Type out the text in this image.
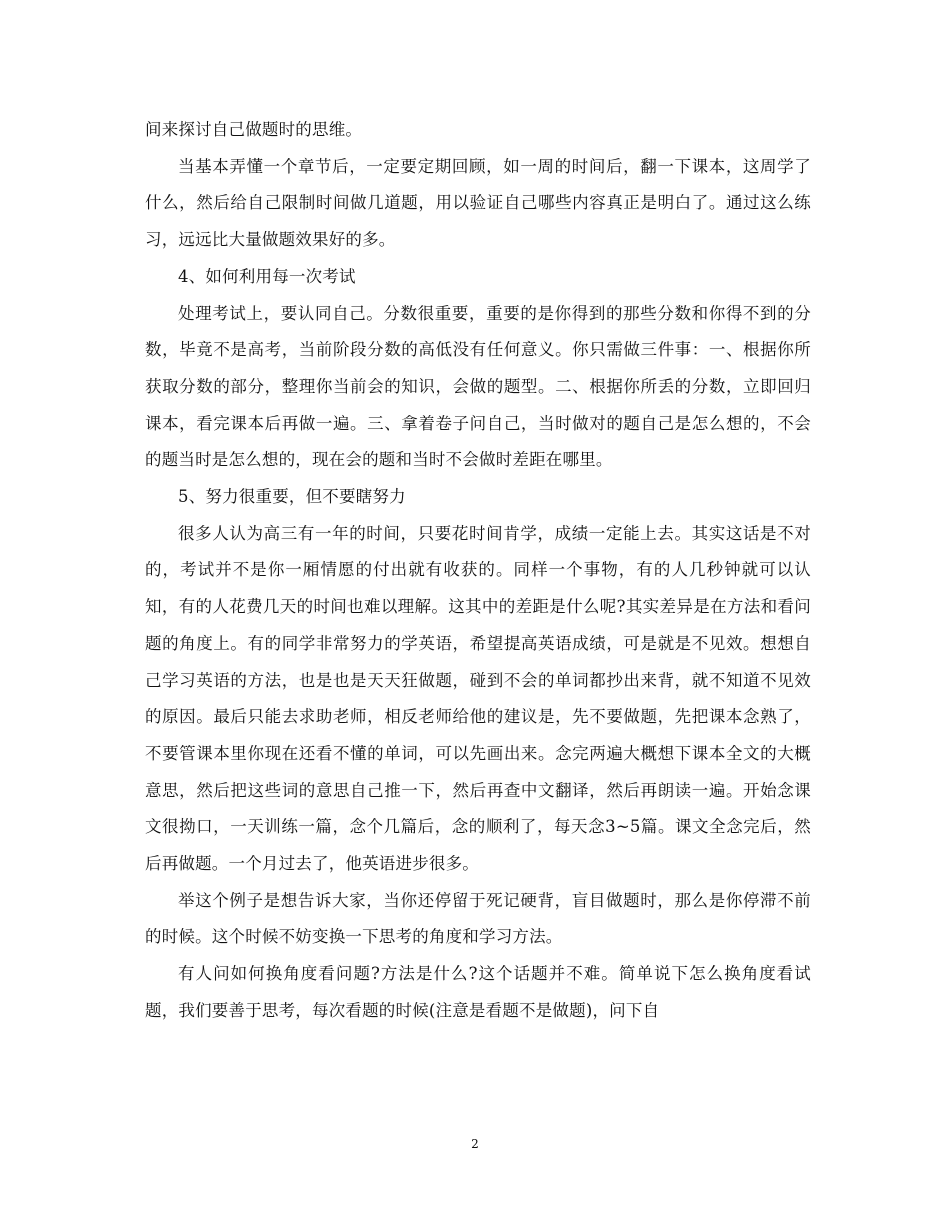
间来探讨自己做题时的思维。

当基本弄懂一个章节后，一定要定期回顾，如一周的时间后，翻一下课本，这周学了什么，然后给自己限制时间做几道题，用以验证自己哪些内容真正是明白了。通过这么练习，远远比大量做题效果好的多。

4、如何利用每一次考试

处理考试上，要认同自己。分数很重要，重要的是你得到的那些分数和你得不到的分数，毕竟不是高考，当前阶段分数的高低没有任何意义。你只需做三件事：一、根据你所获取分数的部分，整理你当前会的知识，会做的题型。二、根据你所丢的分数，立即回归课本，看完课本后再做一遍。三、拿着卷子问自己，当时做对的题自己是怎么想的，不会的题当时是怎么想的，现在会的题和当时不会做时差距在哪里。

5、努力很重要，但不要瞎努力

很多人认为高三有一年的时间，只要花时间肯学，成绩一定能上去。其实这话是不对的，考试并不是你一厢情愿的付出就有收获的。同样一个事物，有的人几秒钟就可以认知，有的人花费几天的时间也难以理解。这其中的差距是什么呢?其实差异是在方法和看问题的角度上。有的同学非常努力的学英语，希望提高英语成绩，可是就是不见效。想想自己学习英语的方法，也是也是天天狂做题，碰到不会的单词都抄出来背，就不知道不见效的原因。最后只能去求助老师，相反老师给他的建议是，先不要做题，先把课本念熟了，不要管课本里你现在还看不懂的单词，可以先画出来。念完两遍大概想下课本全文的大概意思，然后把这些词的意思自己推一下，然后再查中文翻译，然后再朗读一遍。开始念课文很拗口，一天训练一篇，念个几篇后，念的顺利了，每天念3~5篇。课文全念完后，然后再做题。一个月过去了，他英语进步很多。

举这个例子是想告诉大家，当你还停留于死记硬背，盲目做题时，那么是你停滞不前的时候。这个时候不妨变换一下思考的角度和学习方法。

有人问如何换角度看问题?方法是什么?这个话题并不难。简单说下怎么换角度看试题，我们要善于思考，每次看题的时候(注意是看题不是做题)，问下自

2
